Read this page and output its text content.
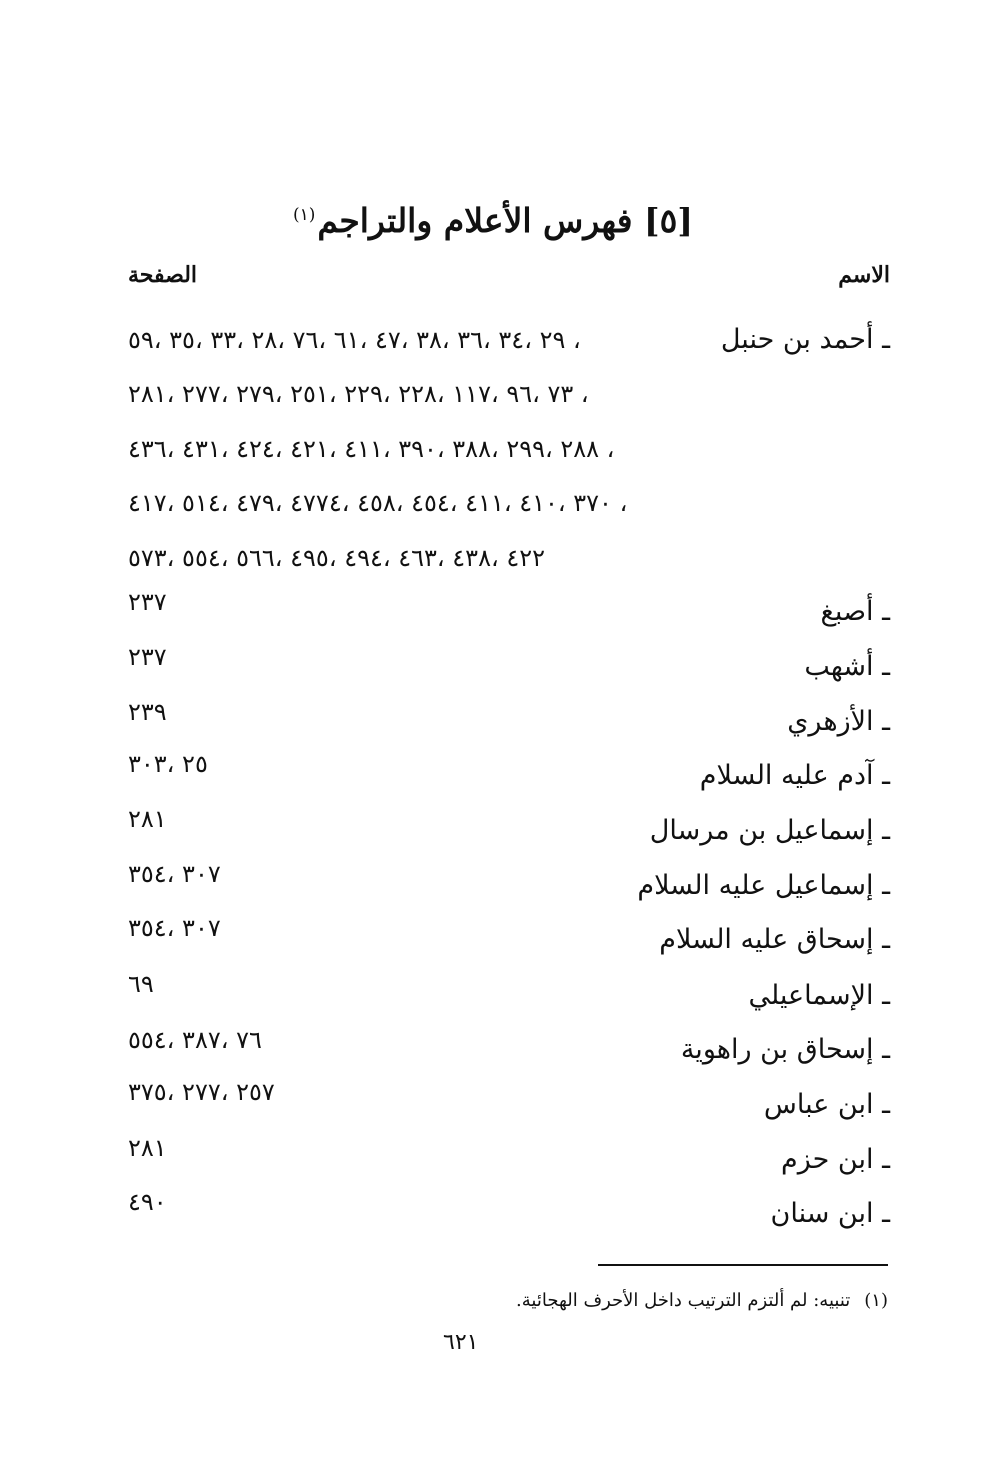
[٥] فهرس الأعلام والتراجم$^{(١)}$
الاسم
الصفحة
ـ أحمد بن حنبل
٢٩ ،٣٤ ،٣٦ ،٣٨ ،٤٧ ،٦١ ،٧٦ ،٢٨ ،٣٣ ،٣٥ ،٥٩ ،
٧٣ ،٩٦ ،١١٧ ،٢٢٨ ،٢٢٩ ،٢٥١ ،٢٧٩ ،٢٧٧ ،٢٨١ ،
٢٨٨ ،٢٩٩ ،٣٨٨ ،٣٩٠ ،٤١١ ،٤٢١ ،٤٢٤ ،٤٣١ ،٤٣٦ ،
٣٧٠ ،٤١٠ ،٤١١ ،٤٥٤ ،٤٥٨ ،٤٧٧٤ ،٤٧٩ ،٥١٤ ،٤١٧ ،
٤٢٢ ،٤٣٨ ،٤٦٣ ،٤٩٤ ،٤٩٥ ،٥٦٦ ،٥٥٤ ،٥٧٣
ـ أصبغ
٢٣٧
ـ أشهب
٢٣٧
ـ الأزهري
٢٣٩
ـ آدم عليه السلام
٢٥ ،٣٠٣
ـ إسماعيل بن مرسال
٢٨١
ـ إسماعيل عليه السلام
٣٠٧ ،٣٥٤
ـ إسحاق عليه السلام
٣٠٧ ،٣٥٤
ـ الإسماعيلي
٦٩
ـ إسحاق بن راهوية
٧٦ ،٣٨٧ ،٥٥٤
ـ ابن عباس
٢٥٧ ،٢٧٧ ،٣٧٥
ـ ابن حزم
٢٨١
ـ ابن سنان
٤٩٠
(١)تنبيه: لم ألتزم الترتيب داخل الأحرف الهجائية.
٦٢١
